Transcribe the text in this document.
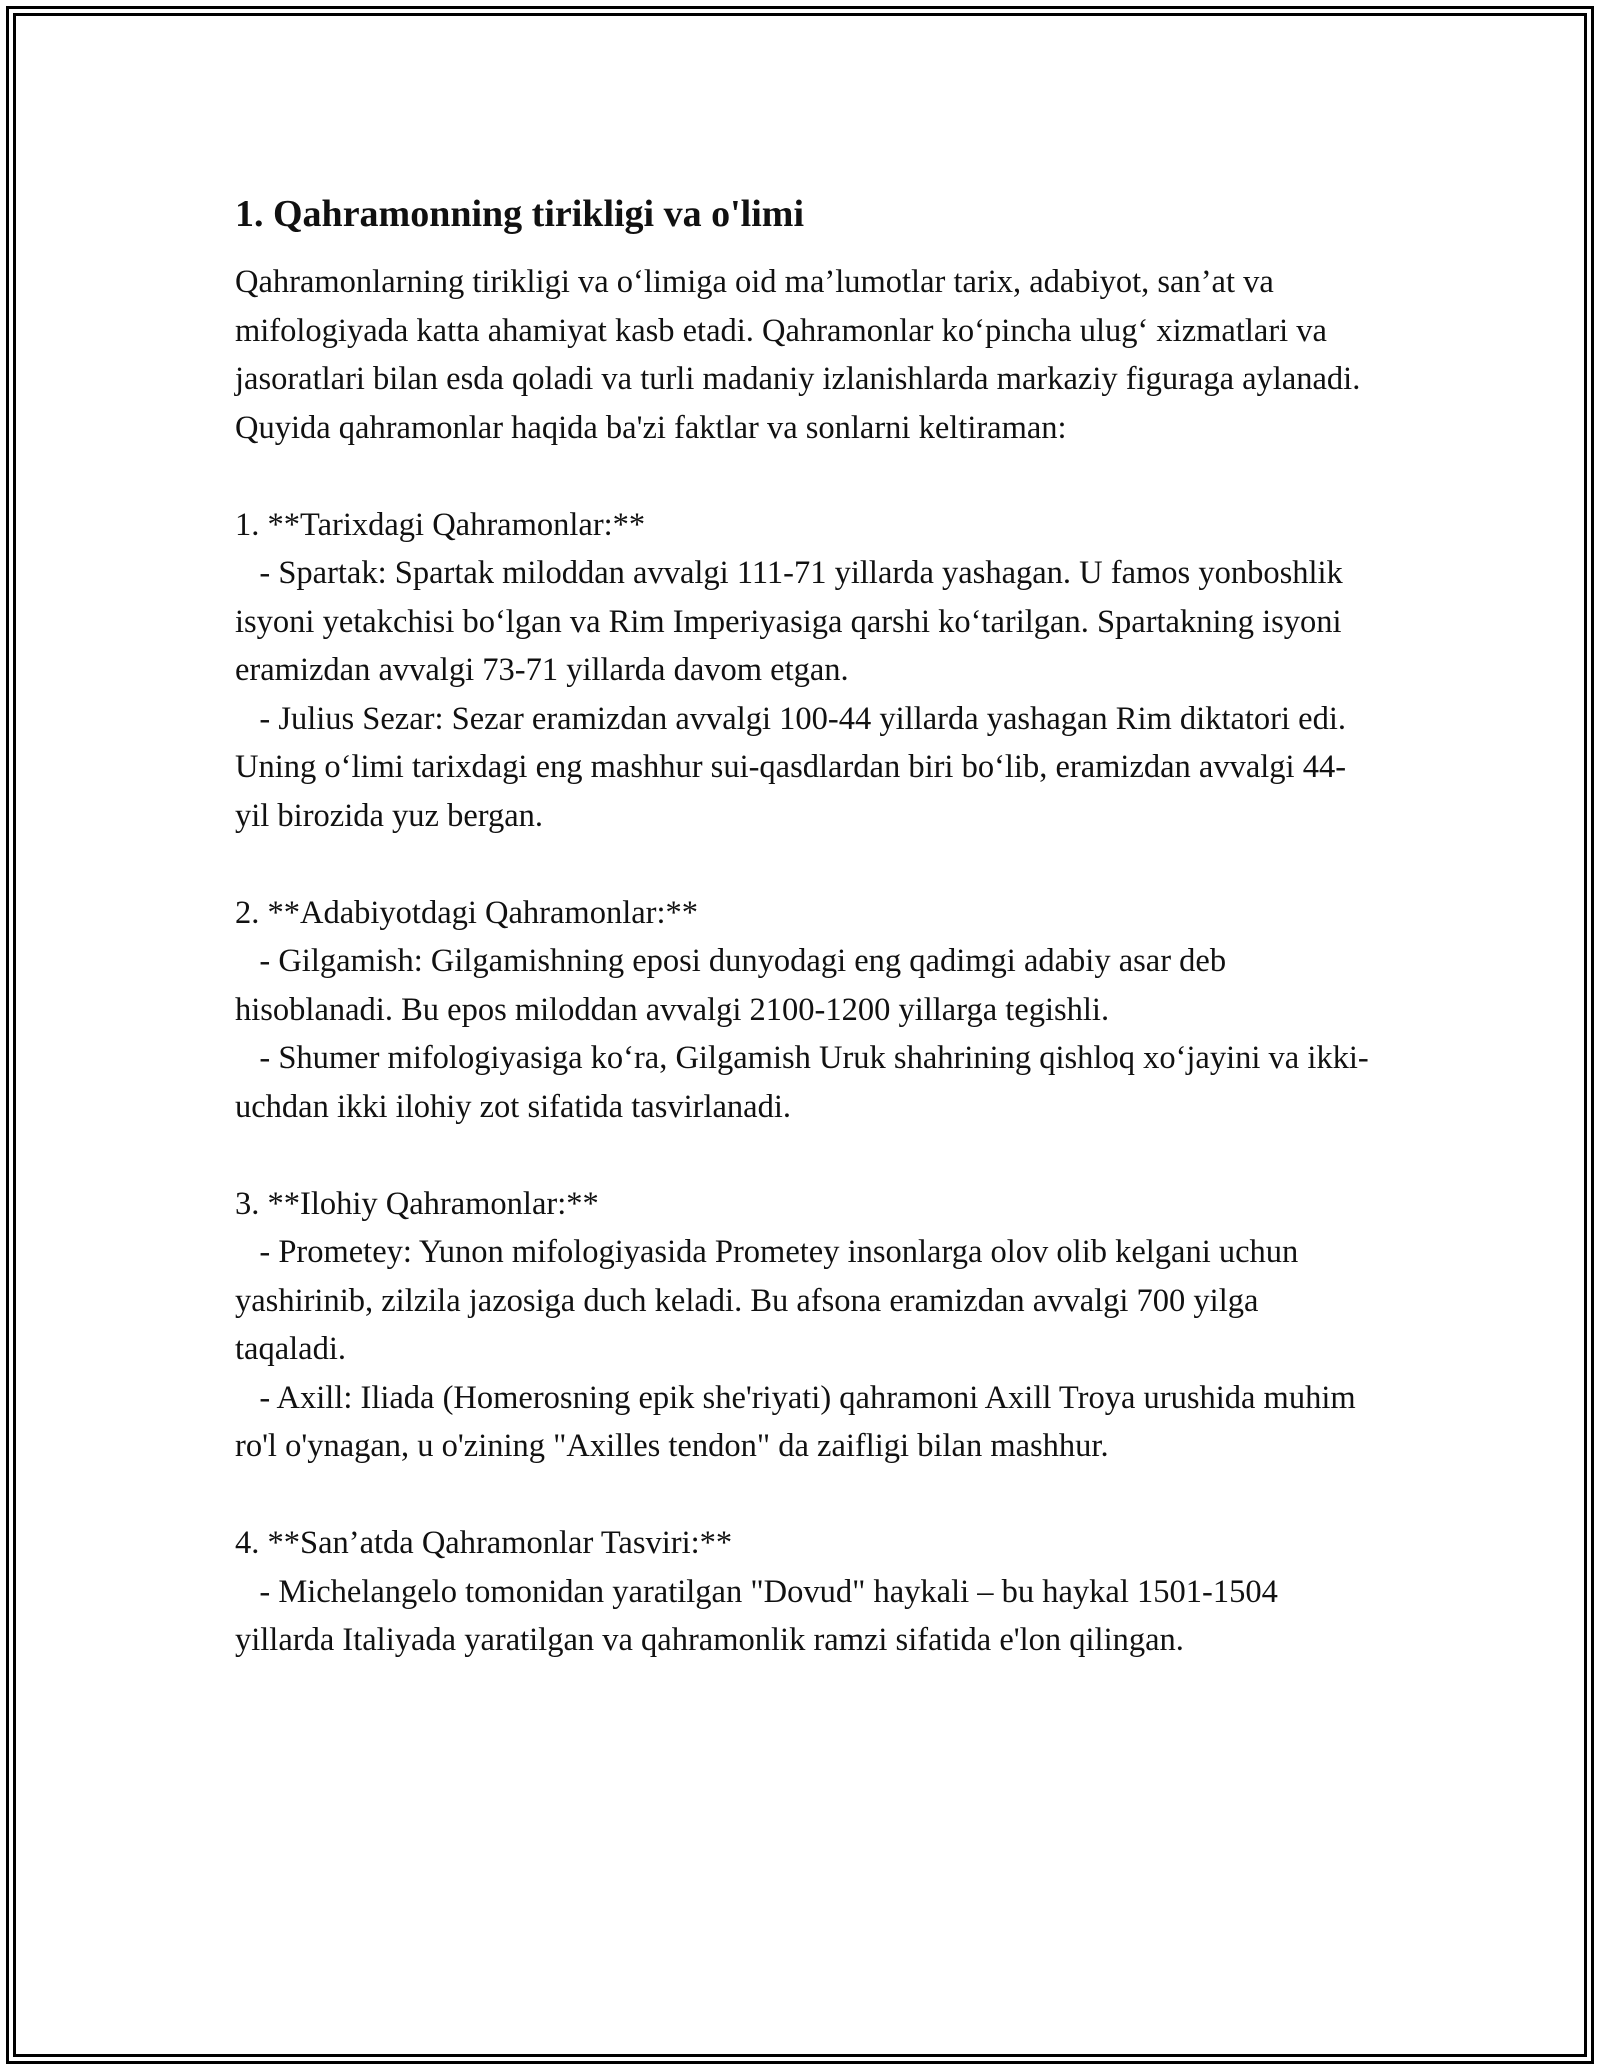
1. Qahramonning tirikligi va o'limi
Qahramonlarning tirikligi va o‘limiga oid ma’lumotlar tarix, adabiyot, san’at va mifologiyada katta ahamiyat kasb etadi. Qahramonlar ko‘pincha ulug‘ xizmatlari va jasoratlari bilan esda qoladi va turli madaniy izlanishlarda markaziy figuraga aylanadi. Quyida qahramonlar haqida ba'zi faktlar va sonlarni keltiraman:

1. **Tarixdagi Qahramonlar:**
- Spartak: Spartak miloddan avvalgi 111-71 yillarda yashagan. U famos yonboshlik isyoni yetakchisi bo‘lgan va Rim Imperiyasiga qarshi ko‘tarilgan. Spartakning isyoni eramizdan avvalgi 73-71 yillarda davom etgan.
- Julius Sezar: Sezar eramizdan avvalgi 100-44 yillarda yashagan Rim diktatori edi. Uning o‘limi tarixdagi eng mashhur sui-qasdlardan biri bo‘lib, eramizdan avvalgi 44-yil birozida yuz bergan.

2. **Adabiyotdagi Qahramonlar:**
- Gilgamish: Gilgamishning eposi dunyodagi eng qadimgi adabiy asar deb hisoblanadi. Bu epos miloddan avvalgi 2100-1200 yillarga tegishli.
- Shumer mifologiyasiga ko‘ra, Gilgamish Uruk shahrining qishloq xo‘jayini va ikki-uchdan ikki ilohiy zot sifatida tasvirlanadi.

3. **Ilohiy Qahramonlar:**
- Prometey: Yunon mifologiyasida Prometey insonlarga olov olib kelgani uchun yashirinib, zilzila jazosiga duch keladi. Bu afsona eramizdan avvalgi 700 yilga taqaladi.
- Axill: Iliada (Homerosning epik she'riyati) qahramoni Axill Troya urushida muhim ro'l o'ynagan, u o'zining "Axilles tendon" da zaifligi bilan mashhur.

4. **San’atda Qahramonlar Tasviri:**
- Michelangelo tomonidan yaratilgan "Dovud" haykali – bu haykal 1501-1504 yillarda Italiyada yaratilgan va qahramonlik ramzi sifatida e'lon qilingan.
